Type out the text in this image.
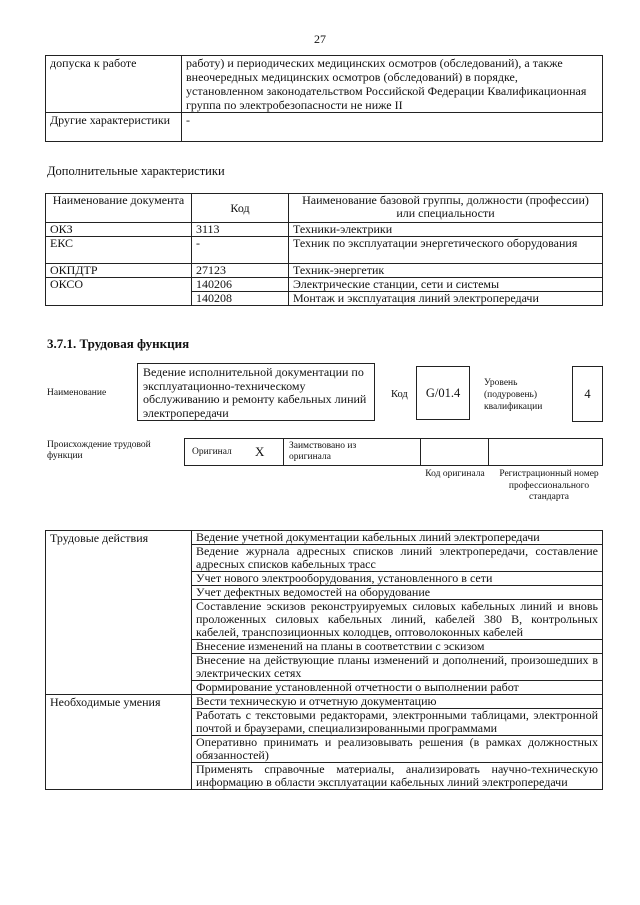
27
допуска к работе	работу) и периодических медицинских осмотров (обследований), а также внеочередных медицинских осмотров (обследований) в порядке, установленном законодательством Российской Федерации Квалификационная группа по электробезопасности не ниже II
Другие характеристики	-
Дополнительные характеристики
Наименование документа	Код	Наименование базовой группы, должности (профессии) или специальности
ОКЗ	3113	Техники-электрики
ЕКС	-	Техник по эксплуатации энергетического оборудования
ОКПДТР	27123	Техник-энергетик
ОКСО	140206	Электрические станции, сети и системы
	140208	Монтаж и эксплуатация линий электропередачи
3.7.1. Трудовая функция
Наименование
Ведение исполнительной документации по эксплуатационно-техническому обслуживанию и ремонту кабельных линий электропередачи
Код	G/01.4
Уровень (подуровень) квалификации
4
Происхождение трудовой функции	Оригинал X	Заимствовано из оригинала
Код оригинала	Регистрационный номер профессионального стандарта
Трудовые действия	Ведение учетной документации кабельных линий электропередачи
	Ведение журнала адресных списков линий электропередачи, составление адресных списков кабельных трасс
	Учет нового электрооборудования, установленного в сети
	Учет дефектных ведомостей на оборудование
	Составление эскизов реконструируемых силовых кабельных линий и вновь проложенных силовых кабельных линий, кабелей 380 В, контрольных кабелей, транспозиционных колодцев, оптоволоконных кабелей
	Внесение изменений на планы в соответствии с эскизом
	Внесение на действующие планы изменений и дополнений, произошедших в электрических сетях
	Формирование установленной отчетности о выполнении работ
Необходимые умения	Вести техническую и отчетную документацию
	Работать с текстовыми редакторами, электронными таблицами, электронной почтой и браузерами, специализированными программами
	Оперативно принимать и реализовывать решения (в рамках должностных обязанностей)
	Применять справочные материалы, анализировать научно-техническую информацию в области эксплуатации кабельных линий электропередачи
